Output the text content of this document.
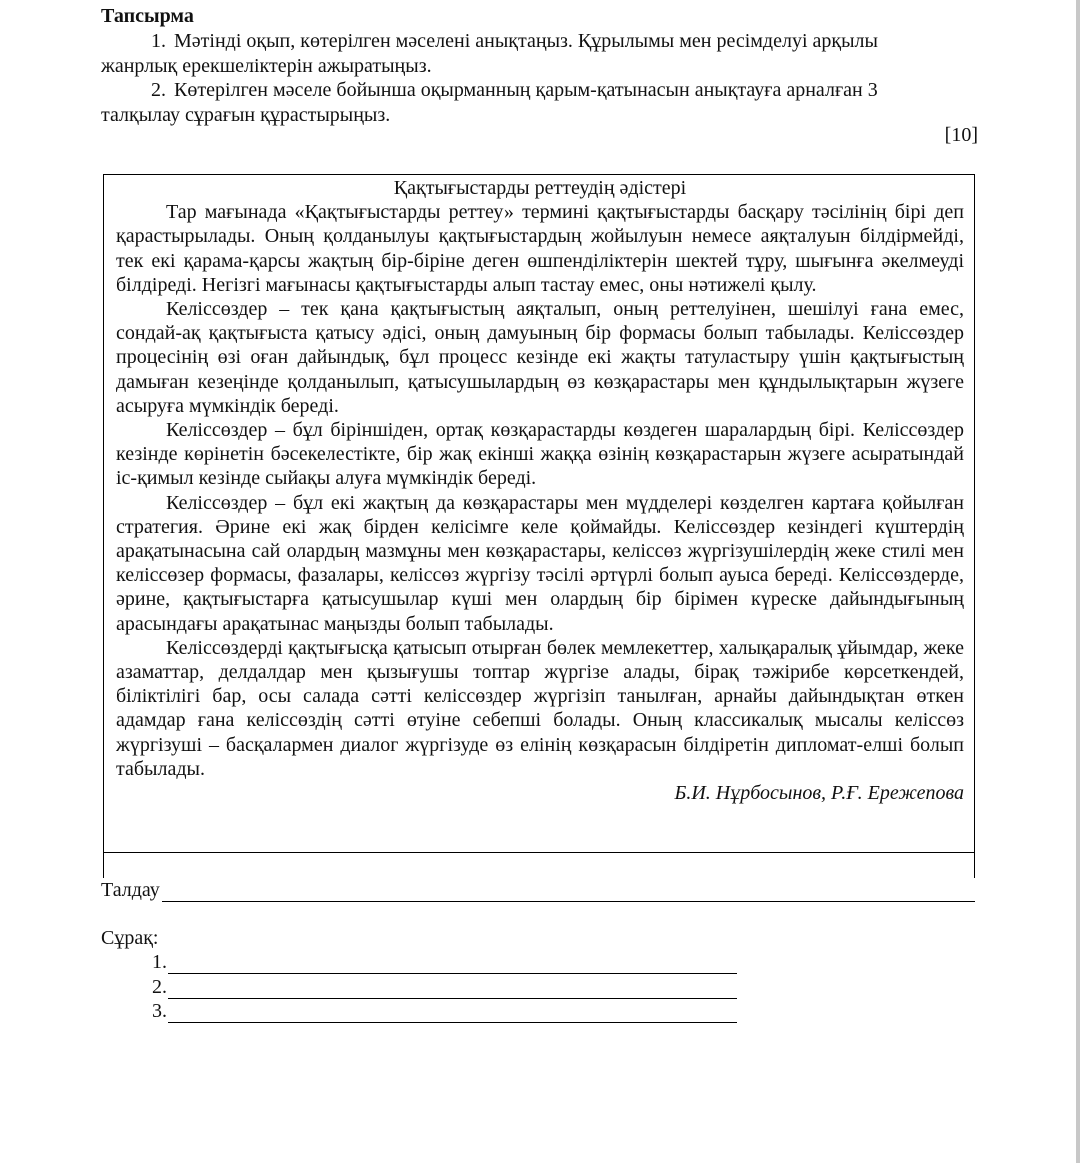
Тапсырма
1. Мәтінді оқып, көтерілген мәселені анықтаңыз. Құрылымы мен ресімделуі арқылы жанрлық ерекшеліктерін ажыратыңыз.
2. Көтерілген мәселе бойынша оқырманның қарым-қатынасын анықтауға арналған 3 талқылау сұрағын құрастырыңыз.
[10]
Қақтығыстарды реттеудің әдістері

Тар мағынада «Қақтығыстарды реттеу» термині қақтығыстарды басқару тәсілінің бірі деп қарастырылады. Оның қолданылуы қақтығыстардың жойылуын немесе аяқталуын білдірмейді, тек екі қарама-қарсы жақтың бір-біріне деген өшпенділіктерін шектей тұру, шығынға әкелмеуді білдіреді. Негізгі мағынасы қақтығыстарды алып тастау емес, оны нәтижелі қылу.

Келіссөздер – тек қана қақтығыстың аяқталып, оның реттелуінен, шешілуі ғана емес, сондай-ақ қақтығыста қатысу әдісі, оның дамуының бір формасы болып табылады. Келіссөздер процесінің өзі оған дайындық, бұл процесс кезінде екі жақты татуластыру үшін қақтығыстың дамыған кезеңінде қолданылып, қатысушылардың өз көзқарастары мен құндылықтарын жүзеге асыруға мүмкіндік береді.

Келіссөздер – бұл біріншіден, ортақ көзқарастарды көздеген шаралардың бірі. Келіссөздер кезінде көрінетін бәсекелестікте, бір жақ екінші жаққа өзінің көзқарастарын жүзеге асыратындай іс-қимыл кезінде сыйақы алуға мүмкіндік береді.

Келіссөздер – бұл екі жақтың да көзқарастары мен мүдделері көзделген картаға қойылған стратегия. Әрине екі жақ бірден келісімге келе қоймайды. Келіссөздер кезіндегі күштердің арақатынасына сай олардың мазмұны мен көзқарастары, келіссөз жүргізушілердің жеке стилі мен келіссөзер формасы, фазалары, келіссөз жүргізу тәсілі әртүрлі болып ауыса береді. Келіссөздерде, әрине, қақтығыстарға қатысушылар күші мен олардың бір бірімен күреске дайындығының арасындағы арақатынас маңызды болып табылады.

Келіссөздерді қақтығысқа қатысып отырған бөлек мемлекеттер, халықаралық ұйымдар, жеке азаматтар, делдалдар мен қызығушы топтар жүргізе алады, бірақ тәжірибе көрсеткендей, біліктілігі бар, осы салада сәтті келіссөздер жүргізіп танылған, арнайы дайындықтан өткен адамдар ғана келіссөздің сәтті өтуіне себепші болады. Оның классикалық мысалы келіссөз жүргізуші – басқалармен диалог жүргізуде өз елінің көзқарасын білдіретін дипломат-елші болып табылады.

Б.И. Нұрбосынов, Р.Ғ. Ережепова
Талдау
Сұрақ:
1.
2.
3.
